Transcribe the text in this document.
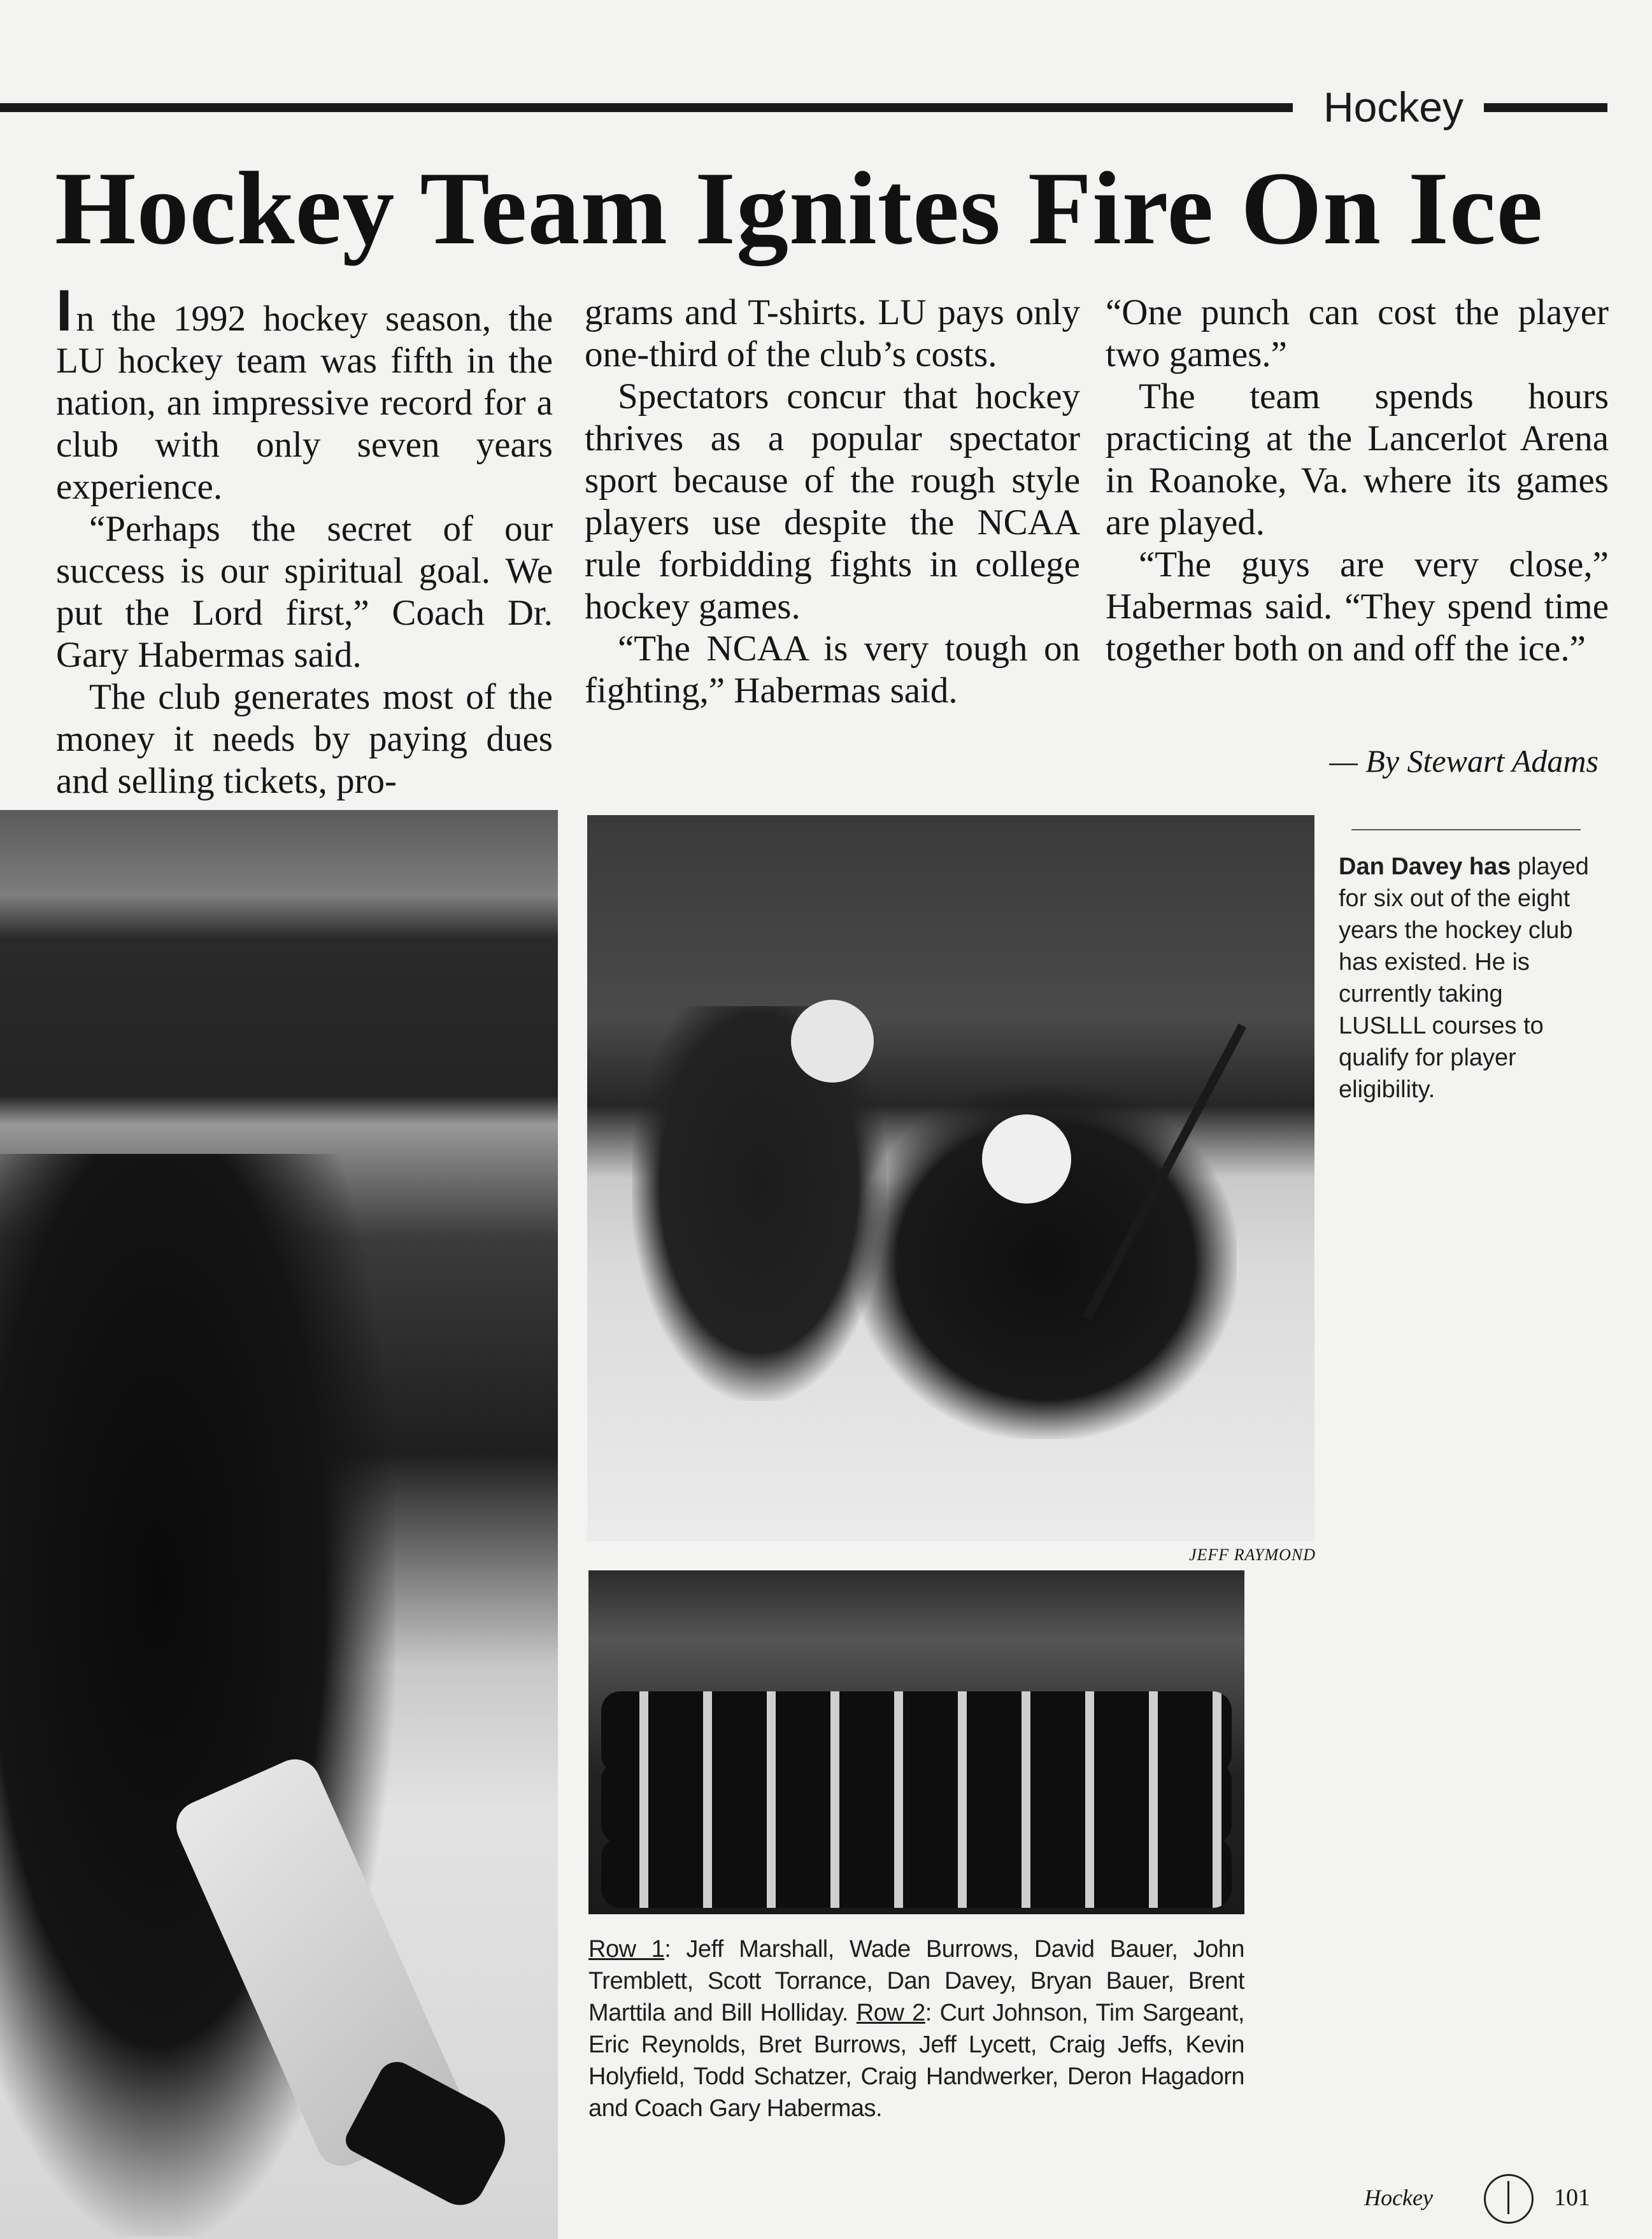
Hockey
Hockey Team Ignites Fire On Ice

In the 1992 hockey season, the LU hockey team was fifth in the nation, an impressive record for a club with only seven years experience.

“Perhaps the secret of our success is our spiritual goal. We put the Lord first,” Coach Dr. Gary Habermas said.

The club generates most of the money it needs by paying dues and selling tickets, pro-

grams and T-shirts. LU pays only one-third of the club’s costs.

Spectators concur that hockey thrives as a popular spectator sport because of the rough style players use despite the NCAA rule forbidding fights in college hockey games.

“The NCAA is very tough on fighting,” Habermas said.

“One punch can cost the player two games.”

The team spends hours practicing at the Lancerlot Arena in Roanoke, Va. where its games are played.

“The guys are very close,” Habermas said. “They spend time together both on and off the ice.”

— By Stewart Adams
JEFF RAYMOND
Dan Davey has played for six out of the eight years the hockey club has existed. He is currently taking LUSLLL courses to qualify for player eligibility.
Row 1: Jeff Marshall, Wade Burrows, David Bauer, John Tremblett, Scott Torrance, Dan Davey, Bryan Bauer, Brent Marttila and Bill Holliday. Row 2: Curt Johnson, Tim Sargeant, Eric Reynolds, Bret Burrows, Jeff Lycett, Craig Jeffs, Kevin Holyfield, Todd Schatzer, Craig Handwerker, Deron Hagadorn and Coach Gary Habermas.
Hockey	101
